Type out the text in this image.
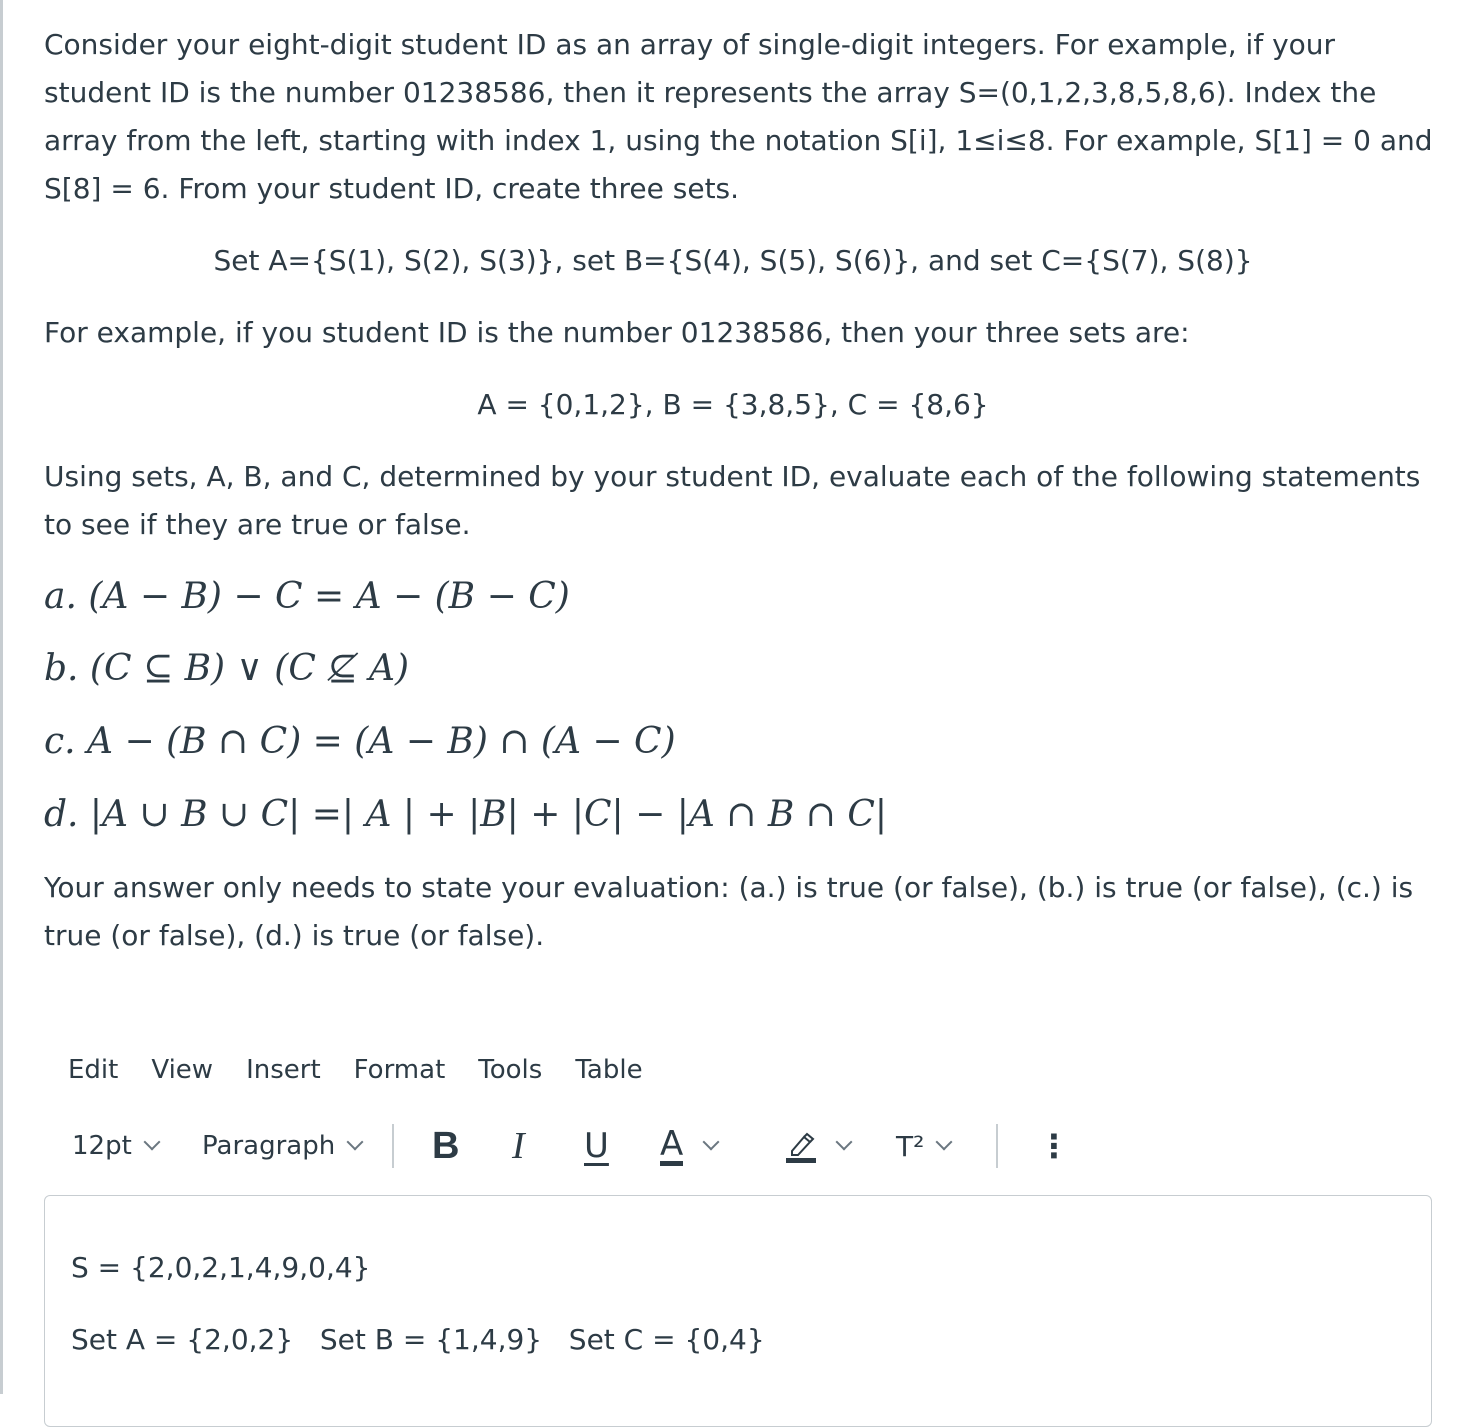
Consider your eight-digit student ID as an array of single-digit integers. For example, if your student ID is the number 01238586, then it represents the array S=(0,1,2,3,8,5,8,6). Index the array from the left, starting with index 1, using the notation S[i], 1≤i≤8. For example, S[1] = 0 and S[8] = 6. From your student ID, create three sets.
Set A={S(1), S(2), S(3)}, set B={S(4), S(5), S(6)}, and set C={S(7), S(8)}
For example, if you student ID is the number 01238586, then your three sets are:
A = {0,1,2}, B = {3,8,5}, C = {8,6}
Using sets, A, B, and C, determined by your student ID, evaluate each of the following statements to see if they are true or false.
a. (A − B) − C = A − (B − C)
b. (C ⊆ B) ∨ (C ⊈ A)
c. A − (B ∩ C) = (A − B) ∩ (A − C)
d. |A ∪ B ∪ C| =| A | + |B| + |C| − |A ∩ B ∩ C|
Your answer only needs to state your evaluation: (a.) is true (or false), (b.) is true (or false), (c.) is true (or false), (d.) is true (or false).
Edit View Insert Format Tools Table
12pt	Paragraph	B I U A	T²	⋮

S = {2,0,2,1,4,9,0,4}

Set A = {2,0,2}   Set B = {1,4,9}   Set C = {0,4}
